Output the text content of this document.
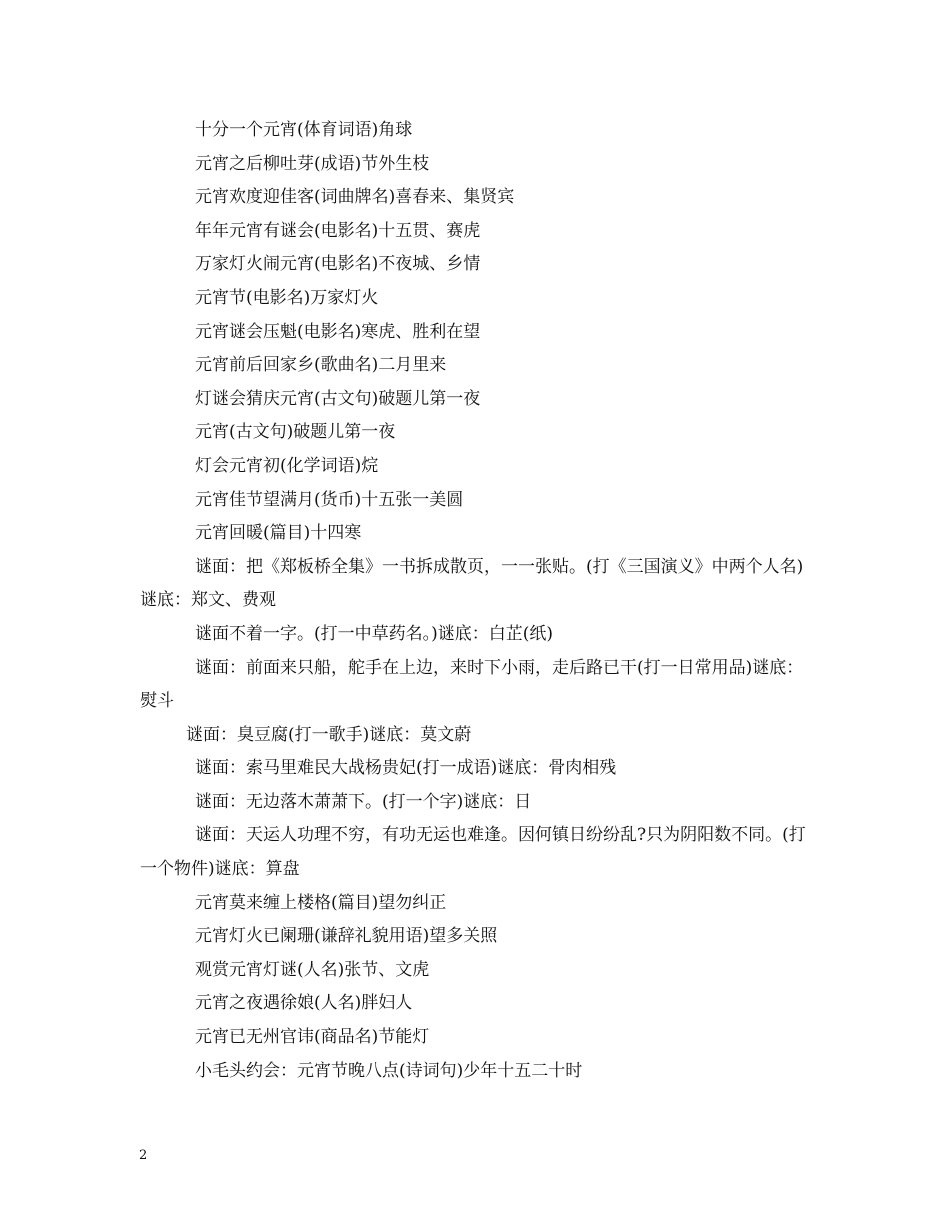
十分一个元宵(体育词语)角球

元宵之后柳吐芽(成语)节外生枝

元宵欢度迎佳客(词曲牌名)喜春来、集贤宾

年年元宵有谜会(电影名)十五贯、赛虎

万家灯火闹元宵(电影名)不夜城、乡情

元宵节(电影名)万家灯火

元宵谜会压魁(电影名)寒虎、胜利在望

元宵前后回家乡(歌曲名)二月里来

灯谜会猜庆元宵(古文句)破题儿第一夜

元宵(古文句)破题儿第一夜

灯会元宵初(化学词语)烷

元宵佳节望满月(货币)十五张一美圆

元宵回暖(篇目)十四寒

谜面：把《郑板桥全集》一书拆成散页，一一张贴。(打《三国演义》中两个人名)谜底：郑文、费观

谜面不着一字。(打一中草药名。)谜底：白芷(纸)

谜面：前面来只船，舵手在上边，来时下小雨，走后路已干(打一日常用品)谜底：熨斗

谜面：臭豆腐(打一歌手)谜底：莫文蔚

谜面：索马里难民大战杨贵妃(打一成语)谜底：骨肉相残

谜面：无边落木萧萧下。(打一个字)谜底：日

谜面：天运人功理不穷，有功无运也难逢。因何镇日纷纷乱?只为阴阳数不同。(打一个物件)谜底：算盘

元宵莫来缠上楼格(篇目)望勿纠正

元宵灯火已阑珊(谦辞礼貌用语)望多关照

观赏元宵灯谜(人名)张节、文虎

元宵之夜遇徐娘(人名)胖妇人

元宵已无州官讳(商品名)节能灯

小毛头约会：元宵节晚八点(诗词句)少年十五二十时

2
